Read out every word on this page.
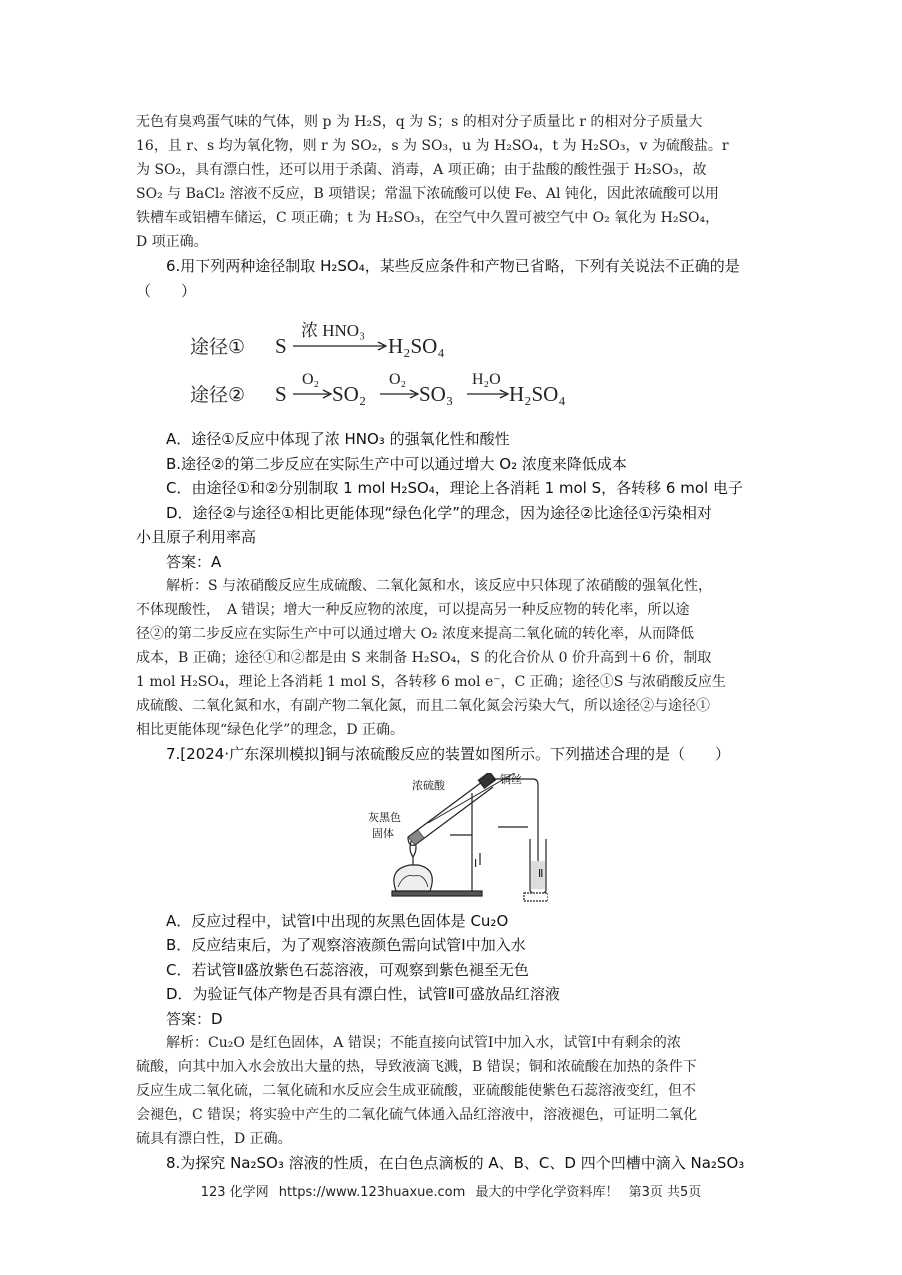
无色有臭鸡蛋气味的气体，则 p 为 H₂S，q 为 S；s 的相对分子质量比 r 的相对分子质量大

16，且 r、s 均为氧化物，则 r 为 SO₂，s 为 SO₃，u 为 H₂SO₄，t 为 H₂SO₃，v 为硫酸盐。r

为 SO₂，具有漂白性，还可以用于杀菌、消毒，A 项正确；由于盐酸的酸性强于 H₂SO₃，故

SO₂ 与 BaCl₂ 溶液不反应，B 项错误；常温下浓硫酸可以使 Fe、Al 钝化，因此浓硫酸可以用

铁槽车或铝槽车储运，C 项正确；t 为 H₂SO₃，在空气中久置可被空气中 O₂ 氧化为 H₂SO₄，

D 项正确。

6.用下列两种途径制取 H₂SO₄，某些反应条件和产物已省略，下列有关说法不正确的是

（　　）

途径① S
浓 HNO₃
H₂SO₄
途径② S
O₂
SO₂
O₂
SO₃
H₂O
H₂SO₄

A．途径①反应中体现了浓 HNO₃ 的强氧化性和酸性

B.途径②的第二步反应在实际生产中可以通过增大 O₂ 浓度来降低成本

C．由途径①和②分别制取 1 mol H₂SO₄，理论上各消耗 1 mol S，各转移 6 mol 电子

D．途径②与途径①相比更能体现“绿色化学”的理念，因为途径②比途径①污染相对

小且原子利用率高

答案：A

解析：S 与浓硝酸反应生成硫酸、二氧化氮和水，该反应中只体现了浓硝酸的强氧化性，

不体现酸性，　A 错误；增大一种反应物的浓度，可以提高另一种反应物的转化率，所以途

径②的第二步反应在实际生产中可以通过增大 O₂ 浓度来提高二氧化硫的转化率，从而降低

成本，B 正确；途径①和②都是由 S 来制备 H₂SO₄，S 的化合价从 0 价升高到＋6 价，制取

1 mol H₂SO₄，理论上各消耗 1 mol S，各转移 6 mol e⁻，C 正确；途径①S 与浓硝酸反应生

成硫酸、二氧化氮和水，有副产物二氧化氮，而且二氧化氮会污染大气，所以途径②与途径①

相比更能体现“绿色化学”的理念，D 正确。

7.[2024·广东深圳模拟]铜与浓硫酸反应的装置如图所示。下列描述合理的是（　　）

浓硫酸	铜丝
灰黑色
固体
Ⅰ
Ⅱ

A．反应过程中，试管Ⅰ中出现的灰黑色固体是 Cu₂O

B．反应结束后，为了观察溶液颜色需向试管Ⅰ中加入水

C．若试管Ⅱ盛放紫色石蕊溶液，可观察到紫色褪至无色

D．为验证气体产物是否具有漂白性，试管Ⅱ可盛放品红溶液

答案：D

解析：Cu₂O 是红色固体，A 错误；不能直接向试管Ⅰ中加入水，试管Ⅰ中有剩余的浓

硫酸，向其中加入水会放出大量的热，导致液滴飞溅，B 错误；铜和浓硫酸在加热的条件下

反应生成二氧化硫，二氧化硫和水反应会生成亚硫酸，亚硫酸能使紫色石蕊溶液变红，但不

会褪色，C 错误；将实验中产生的二氧化硫气体通入品红溶液中，溶液褪色，可证明二氧化

硫具有漂白性，D 正确。

8.为探究 Na₂SO₃ 溶液的性质，在白色点滴板的 A、B、C、D 四个凹槽中滴入 Na₂SO₃

123 化学网 https://www.123huaxue.com 最大的中学化学资料库！ 第3页 共5页
